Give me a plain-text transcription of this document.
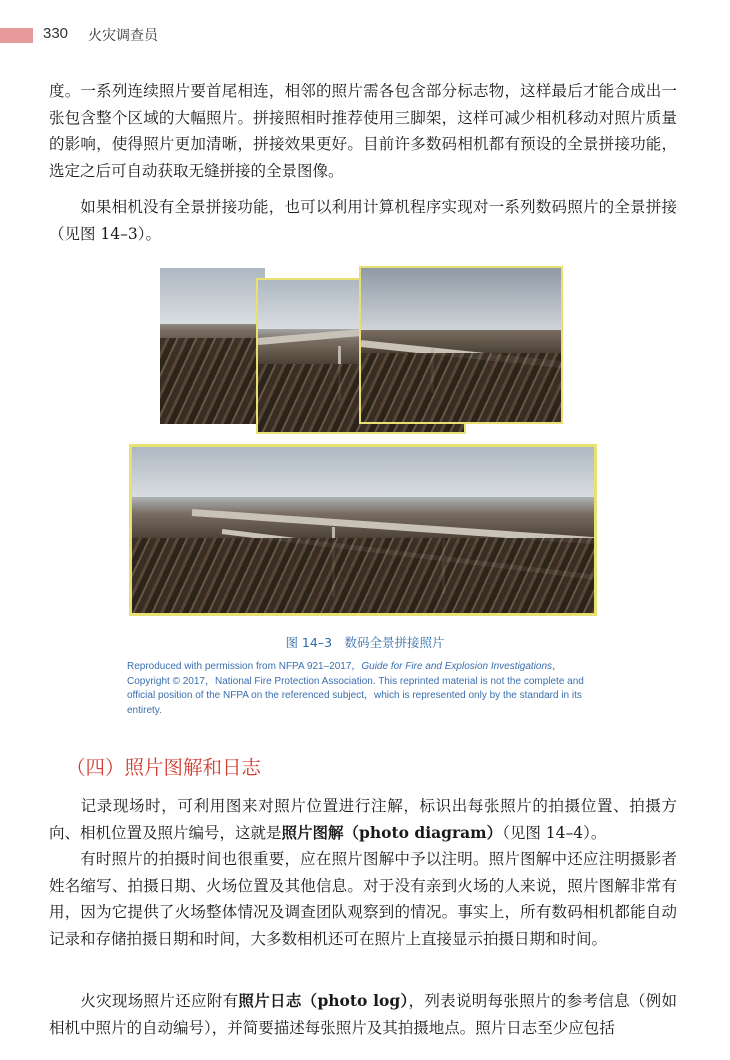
330 火灾调查员

度。一系列连续照片要首尾相连，相邻的照片需各包含部分标志物，这样最后才能合成出一张包含整个区域的大幅照片。拼接照相时推荐使用三脚架，这样可减少相机移动对照片质量的影响，使得照片更加清晰，拼接效果更好。目前许多数码相机都有预设的全景拼接功能，选定之后可自动获取无缝拼接的全景图像。

如果相机没有全景拼接功能，也可以利用计算机程序实现对一系列数码照片的全景拼接（见图 14–3）。

图 14–3　数码全景拼接照片

Reproduced with permission from NFPA 921–2017，Guide for Fire and Explosion Investigations，Copyright © 2017，National Fire Protection Association. This reprinted material is not the complete and official position of the NFPA on the referenced subject，which is represented only by the standard in its entirety.

（四）照片图解和日志

记录现场时，可利用图来对照片位置进行注解，标识出每张照片的拍摄位置、拍摄方向、相机位置及照片编号，这就是照片图解（photo diagram）（见图 14–4）。

有时照片的拍摄时间也很重要，应在照片图解中予以注明。照片图解中还应注明摄影者姓名缩写、拍摄日期、火场位置及其他信息。对于没有亲到火场的人来说，照片图解非常有用，因为它提供了火场整体情况及调查团队观察到的情况。事实上，所有数码相机都能自动记录和存储拍摄日期和时间，大多数相机还可在照片上直接显示拍摄日期和时间。

火灾现场照片还应附有照片日志（photo log），列表说明每张照片的参考信息（例如相机中照片的自动编号），并简要描述每张照片及其拍摄地点。照片日志至少应包括
